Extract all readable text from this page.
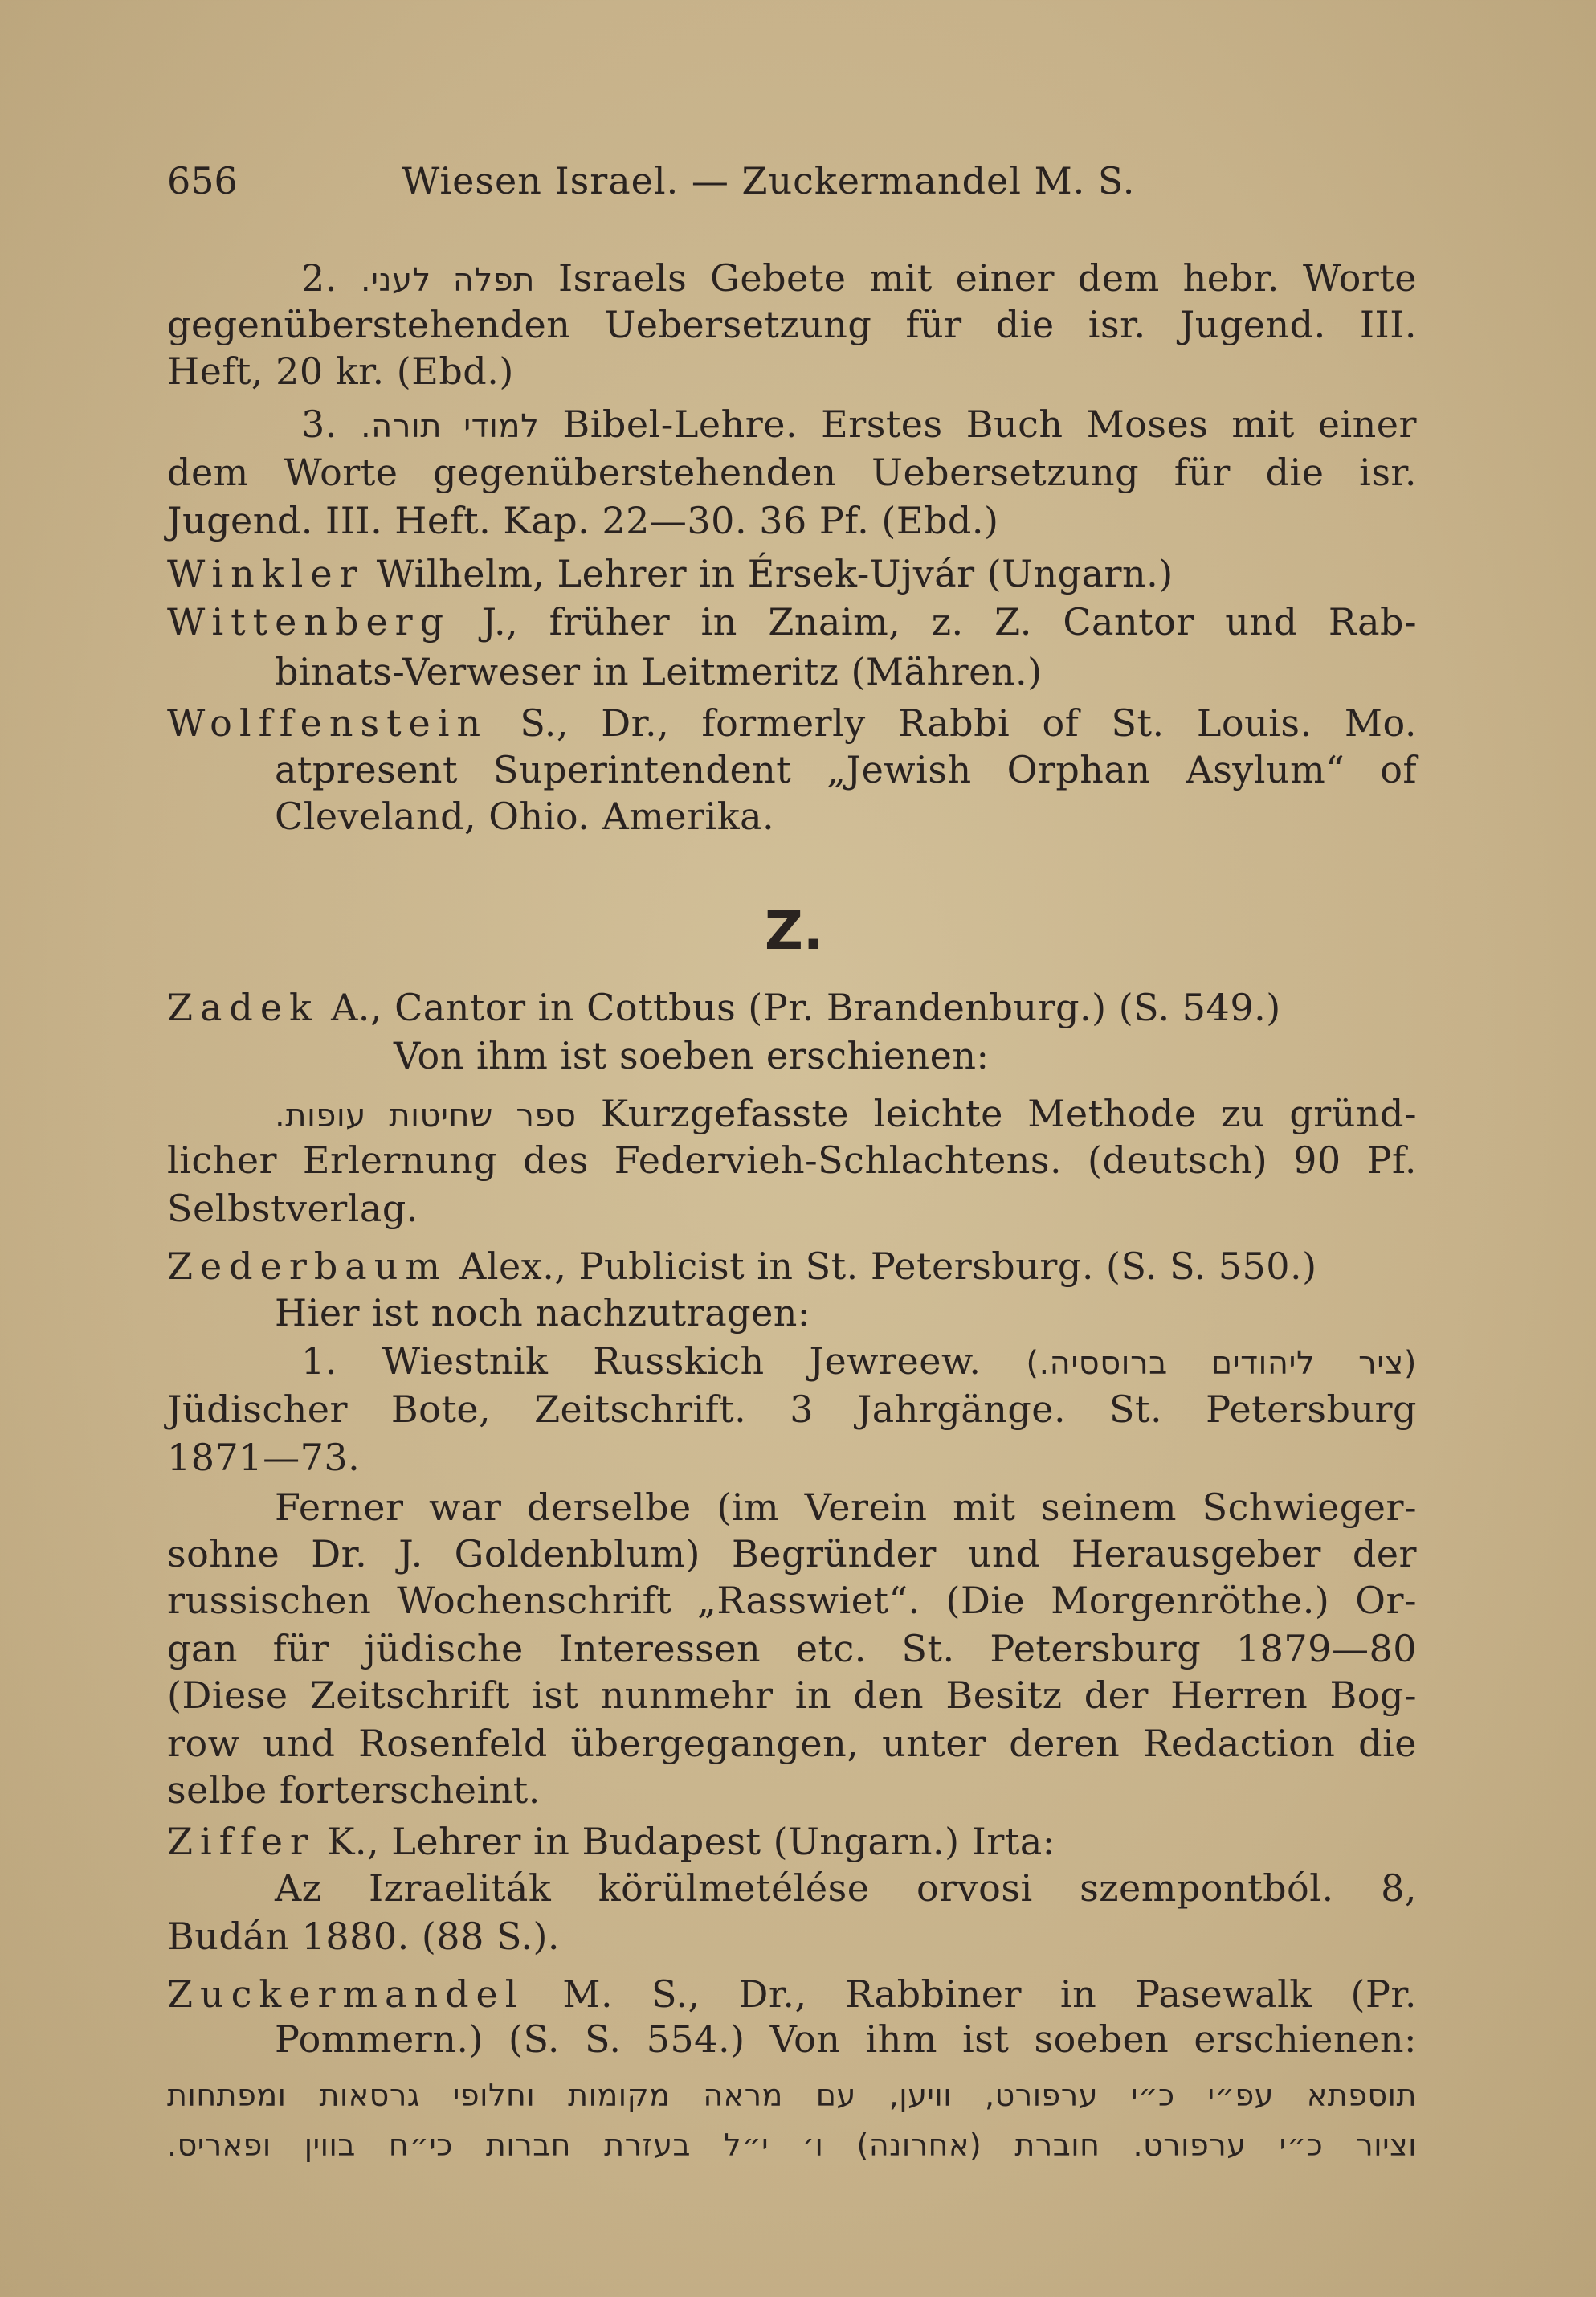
656	Wiesen Israel. — Zuckermandel M. S.
2. תפלה לעני. Israels Gebete mit einer dem hebr. Worte
gegenüberstehenden Uebersetzung für die isr. Jugend. III.
Heft, 20 kr. (Ebd.)
3. למודי תורה. Bibel-Lehre. Erstes Buch Moses mit einer
dem Worte gegenüberstehenden Uebersetzung für die isr.
Jugend. III. Heft. Kap. 22—30. 36 Pf. (Ebd.)
Winkler Wilhelm, Lehrer in Érsek-Ujvár (Ungarn.)
Wittenberg J., früher in Znaim, z. Z. Cantor und Rab-
binats-Verweser in Leitmeritz (Mähren.)
Wolffenstein S., Dr., formerly Rabbi of St. Louis. Mo.
atpresent Superintendent „Jewish Orphan Asylum“ of
Cleveland, Ohio. Amerika.
Z.
Zadek A., Cantor in Cottbus (Pr. Brandenburg.) (S. 549.)
Von ihm ist soeben erschienen:
ספר שחיטות עופות. Kurzgefasste leichte Methode zu gründ-
licher Erlernung des Federvieh-Schlachtens. (deutsch) 90 Pf.
Selbstverlag.
Zederbaum Alex., Publicist in St. Petersburg. (S. S. 550.)
Hier ist noch nachzutragen:
1. Wiestnik Russkich Jewreew. (ציר ליהודים ברוססיה.)
Jüdischer Bote, Zeitschrift. 3 Jahrgänge. St. Petersburg
1871—73.
Ferner war derselbe (im Verein mit seinem Schwieger-
sohne Dr. J. Goldenblum) Begründer und Herausgeber der
russischen Wochenschrift „Rasswiet“. (Die Morgenröthe.) Or-
gan für jüdische Interessen etc. St. Petersburg 1879—80
(Diese Zeitschrift ist nunmehr in den Besitz der Herren Bog-
row und Rosenfeld übergegangen, unter deren Redaction die
selbe forterscheint.
Ziffer K., Lehrer in Budapest (Ungarn.) Irta:
Az Izraeliták körülmetélése orvosi szempontból. 8,
Budán 1880. (88 S.).
Zuckermandel M. S., Dr., Rabbiner in Pasewalk (Pr.
Pommern.) (S. S. 554.) Von ihm ist soeben erschienen:
תוספתא עפ״י כ״י ערפורט, וויען, עם מראה מקומות וחלופי גרסאות ומפתחות
וציור כ״י ערפורט. חוברת (אחרונה) ו׳ י״ל בעזרת חברות כי״ח בווין ופאריס.
